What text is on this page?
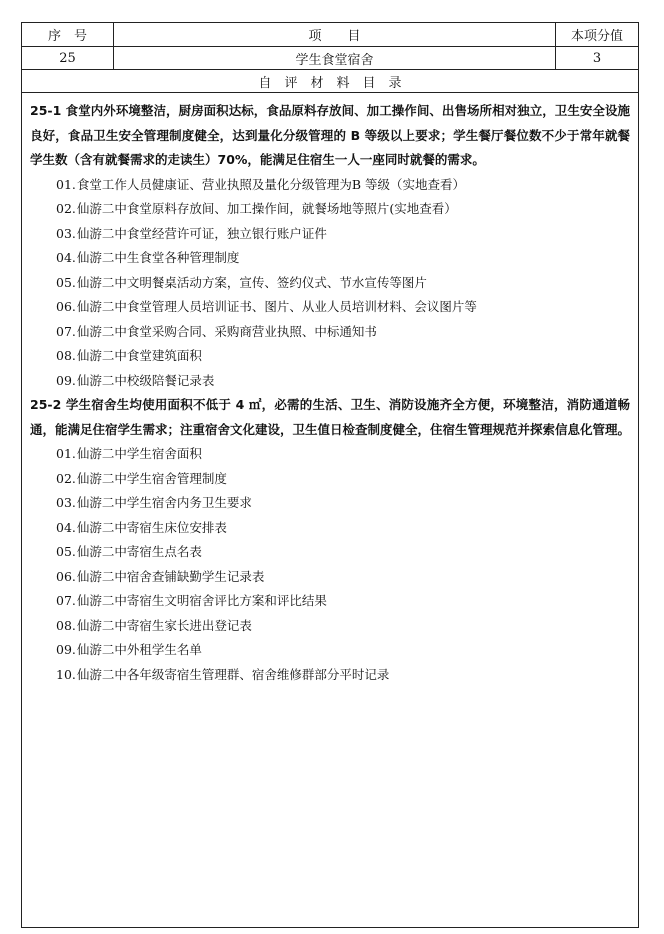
序　号	项　　目	本项分值
25	学生食堂宿舍	3
自　评　材　料　目　录

25-1 食堂内外环境整洁，厨房面积达标，食品原料存放间、加工操作间、出售场所相对独立，卫生安全设施良好，食品卫生安全管理制度健全，达到量化分级管理的 B 等级以上要求；学生餐厅餐位数不少于常年就餐学生数（含有就餐需求的走读生）70%，能满足住宿生一人一座同时就餐的需求。

01.食堂工作人员健康证、营业执照及量化分级管理为B 等级（实地查看）

02.仙游二中食堂原料存放间、加工操作间，就餐场地等照片(实地查看）

03.仙游二中食堂经营许可证，独立银行账户证件

04.仙游二中生食堂各种管理制度

05.仙游二中文明餐桌活动方案，宣传、签约仪式、节水宣传等图片

06.仙游二中食堂管理人员培训证书、图片、从业人员培训材料、会议图片等

07.仙游二中食堂采购合同、采购商营业执照、中标通知书

08.仙游二中食堂建筑面积

09.仙游二中校级陪餐记录表

25-2 学生宿舍生均使用面积不低于 4 ㎡，必需的生活、卫生、消防设施齐全方便，环境整洁，消防通道畅通，能满足住宿学生需求；注重宿舍文化建设，卫生值日检查制度健全，住宿生管理规范并探索信息化管理。

01.仙游二中学生宿舍面积

02.仙游二中学生宿舍管理制度

03.仙游二中学生宿舍内务卫生要求

04.仙游二中寄宿生床位安排表

05.仙游二中寄宿生点名表

06.仙游二中宿舍查铺缺勤学生记录表

07.仙游二中寄宿生文明宿舍评比方案和评比结果

08.仙游二中寄宿生家长进出登记表

09.仙游二中外租学生名单

10.仙游二中各年级寄宿生管理群、宿舍维修群部分平时记录
